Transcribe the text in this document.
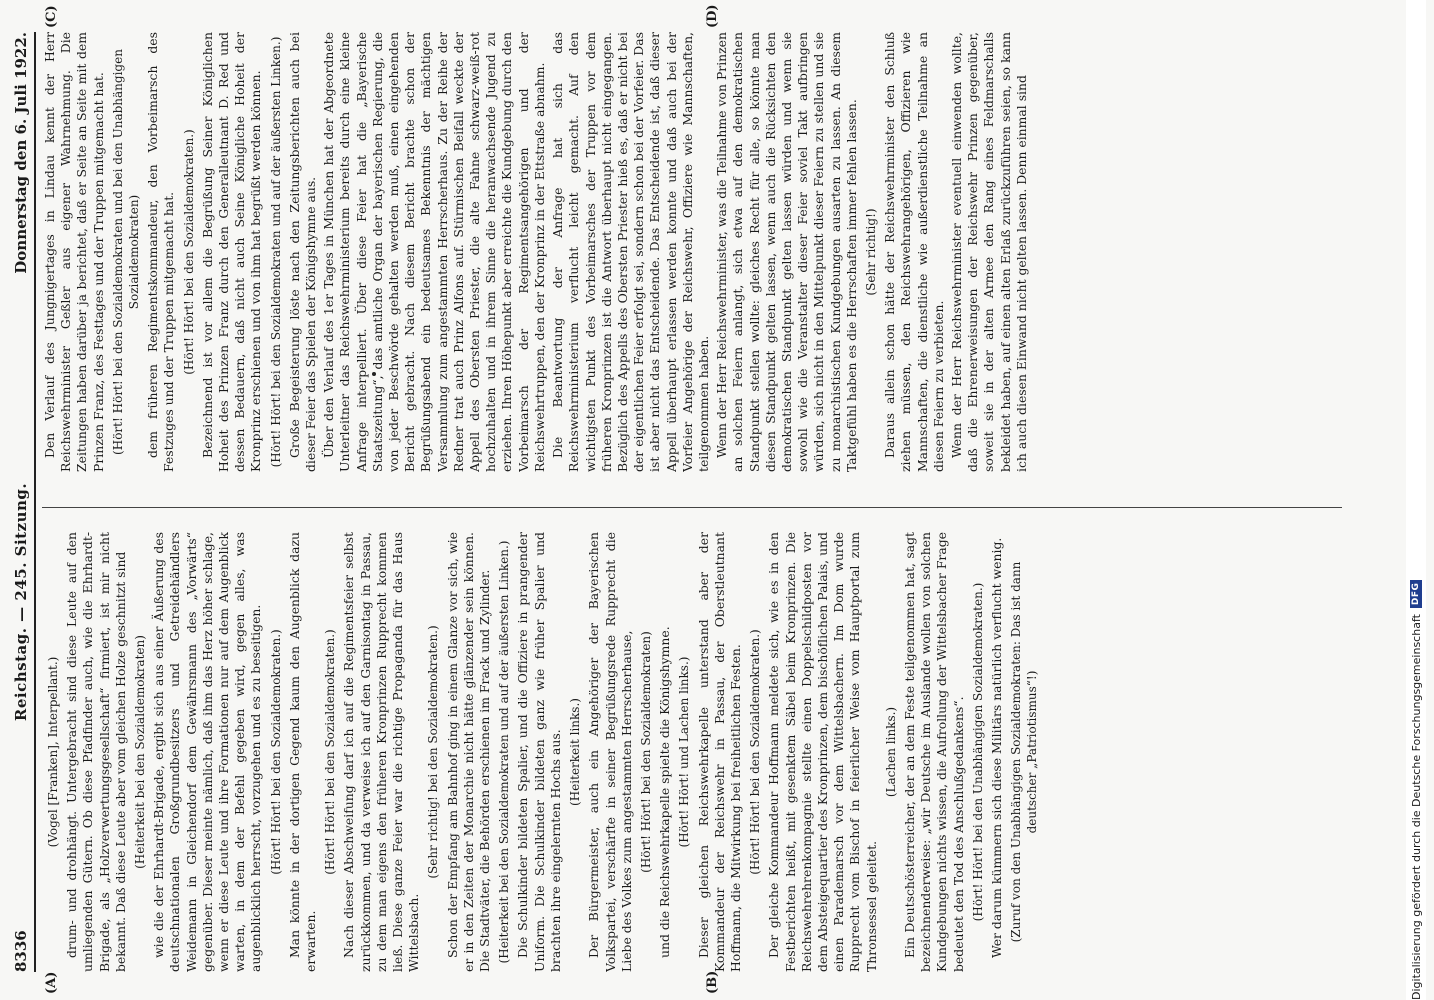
8336
Reichstag. — 245. Sitzung.
Donnerstag den 6. Juli 1922.
(A)	(B)
(C)	(D)

(Vogel [Franken], Interpellant.) drum- und drohhängt. Untergebracht sind diese Leute auf den umliegenden Gütern. Ob diese Pfadfinder auch, wie die Ehrhardt-Brigade, als „Holzverwertungsgesellschaft“ firmiert, ist mir nicht bekannt. Daß diese Leute aber vom gleichen Holze geschnitzt sind (Heiterkeit bei den Sozialdemokraten) wie die der Ehrhardt-Brigade, ergibt sich aus einer Äußerung des deutschnationalen Großgrundbesitzers und Getreidehändlers Weidemann in Gleichendorf dem Gewährsmann des „Vorwärts“ gegenüber. Dieser meinte nämlich, daß ihm das Herz höher schlage, wenn er diese Leute und ihre Formationen nur auf dem Augenblick warten, in dem der Befehl gegeben wird, gegen alles, was augenblicklich herrscht, vorzugehen und es zu beseitigen. (Hört! Hört! bei den Sozialdemokraten.) Man könnte in der dortigen Gegend kaum den Augenblick dazu erwarten.

(Hört! Hört! bei den Sozialdemokraten.) Nach dieser Abschweifung darf ich auf die Regimentsfeier selbst zurückkommen, und da verweise ich auf den Garnisontag in Passau, zu dem man eigens den früheren Kronprinzen Rupprecht kommen ließ. Diese ganze Feier war die richtige Propaganda für das Haus Wittelsbach.

(Sehr richtig! bei den Sozialdemokraten.) Schon der Empfang am Bahnhof ging in einem Glanze vor sich, wie er in den Zeiten der Monarchie nicht hätte glänzender sein können. Die Stadtväter, die Behörden erschienen im Frack und Zylinder. (Heiterkeit bei den Sozialdemokraten und auf der äußersten Linken.) Die Schulkinder bildeten Spalier, und die Offiziere in prangender Uniform. Die Schulkinder bildeten ganz wie früher Spalier und brachten ihre eingelernten Hochs aus. (Heiterkeit links.) Der Bürgermeister, auch ein Angehöriger der Bayerischen Volkspartei, verschärfte in seiner Begrüßungsrede Rupprecht die Liebe des Volkes zum angestammten Herrscherhause, (Hört! Hört! bei den Sozialdemokraten) und die Reichswehrkapelle spielte die Königshymne. (Hört! Hört! und Lachen links.) Dieser gleichen Reichswehrkapelle unterstand aber der Kommandeur der Reichswehr in Passau, der Oberstleutnant Hoffmann, die Mitwirkung bei freiheitlichen Festen. (Hört! Hört! bei den Sozialdemokraten.) Der gleiche Kommandeur Hoffmann meldete sich, wie es in den Festberichten heißt, mit gesenktem Säbel beim Kronprinzen. Die Reichswehrehrenkompagnie stellte einen Doppelschildposten vor dem Absteigequartier des Kronprinzen, dem bischöflichen Palais, und einen Parademarsch vor dem Wittelsbachern. Im Dom wurde Rupprecht vom Bischof in feierlicher Weise vom Hauptportal zum Thronsessel geleitet.

(Lachen links.) Ein Deutschösterreicher, der an dem Feste teilgenommen hat, sagt bezeichnenderweise: „wir Deutsche im Auslande wollen von solchen Kundgebungen nichts wissen, die Aufrollung der Wittelsbacher Frage bedeutet den Tod des Anschlußgedankens“. (Hört! Hört! bei den Unabhängigen Sozialdemokraten.) Wer darum kümmern sich diese Militärs natürlich verflucht wenig. (Zuruf von den Unabhängigen Sozialdemokraten: Das ist dann deutscher „Patriotismus“!)

Den Verlauf des Jungnigertages in Lindau kennt der Herr Reichswehrminister Geßler aus eigener Wahrnehmung. Die Zeitungen haben darüber ja berichtet, daß er Seite an Seite mit dem Prinzen Franz, des Festtages und der Truppen mitgemacht hat. (Hört! Hört! bei den Sozialdemokraten und bei den Unabhängigen Sozialdemokraten) dem früheren Regimentskommandeur, den Vorbeimarsch des Festzuges und der Truppen mitgemacht hat. (Hört! Hört! bei den Sozialdemokraten.) Bezeichnend ist vor allem die Begrüßung Seiner Königlichen Hoheit des Prinzen Franz durch den Generalleutnant D. Red und dessen Bedauern, daß nicht auch Seine Königliche Hoheit der Kronprinz erschienen und von ihm hat begrüßt werden können. (Hört! Hört! bei den Sozialdemokraten und auf der äußersten Linken.) Große Begeisterung löste nach den Zeitungsberichten auch bei dieser Feier das Spielen der Königshymne aus. Über den Verlauf des 1er Tages in München hat der Abgeordnete Unterleitner das Reichswehrministerium bereits durch eine kleine Anfrage interpelliert. Über diese Feier hat die „Bayerische Staatszeitung“, das amtliche Organ der bayerischen Regierung, die von jeder Beschwörde gehalten werden muß, einen eingehenden Bericht gebracht. Nach diesem Bericht brachte schon der Begrüßungsabend ein bedeutsames Bekenntnis der mächtigen Versammlung zum angestammten Herrscherhaus. Zu der Reihe der Redner trat auch Prinz Alfons auf. Stürmischen Beifall weckte der Appell des Obersten Priester, die alte Fahne schwarz-weiß-rot hochzuhalten und in ihrem Sinne die heranwachsende Jugend zu erziehen. Ihren Höhepunkt aber erreichte die Kundgebung durch den Vorbeimarsch der Regimentsangehörigen und der Reichswehrtruppen, den der Kronprinz in der Ettstraße abnahm. Die Beantwortung der Anfrage hat sich das Reichswehrministerium verflucht leicht gemacht. Auf den wichtigsten Punkt des Vorbeimarsches der Truppen vor dem früheren Kronprinzen ist die Antwort überhaupt nicht eingegangen. Bezüglich des Appells des Obersten Priester hieß es, daß er nicht bei der eigentlichen Feier erfolgt sei, sondern schon bei der Vorfeier. Das ist aber nicht das Entscheidende. Das Entscheidende ist, daß dieser Appell überhaupt erlassen werden konnte und daß auch bei der Vorfeier Angehörige der Reichswehr, Offiziere wie Mannschaften, teilgenommen haben. Wenn der Herr Reichswehrminister, was die Teilnahme von Prinzen an solchen Feiern anlangt, sich etwa auf den demokratischen Standpunkt stellen wollte: gleiches Recht für alle, so könnte man diesen Standpunkt gelten lassen, wenn auch die Rücksichten den demokratischen Standpunkt gelten lassen würden und wenn sie sowohl wie die Veranstalter dieser Feier soviel Takt aufbringen würden, sich nicht in den Mittelpunkt dieser Feiern zu stellen und sie zu monarchistischen Kundgebungen ausarten zu lassen. An diesem Taktgefühl haben es die Herrschaften immer fehlen lassen. (Sehr richtig!) Daraus allein schon hätte der Reichswehrminister den Schluß ziehen müssen, den Reichswehrangehörigen, Offizieren wie Mannschaften, die dienstliche wie außerdienstliche Teilnahme an diesen Feiern zu verbieten. Wenn der Herr Reichswehrminister eventuell einwenden wollte, daß die Ehrenerweisungen der Reichswehr Prinzen gegenüber, soweit sie in der alten Armee den Rang eines Feldmarschalls bekleidet haben, auf einen alten Erlaß zurückzuführen seien, so kann ich auch diesen Einwand nicht gelten lassen. Denn einmal sind

Digitalisierung gefördert durch die Deutsche Forschungsgemeinschaft
DFG
